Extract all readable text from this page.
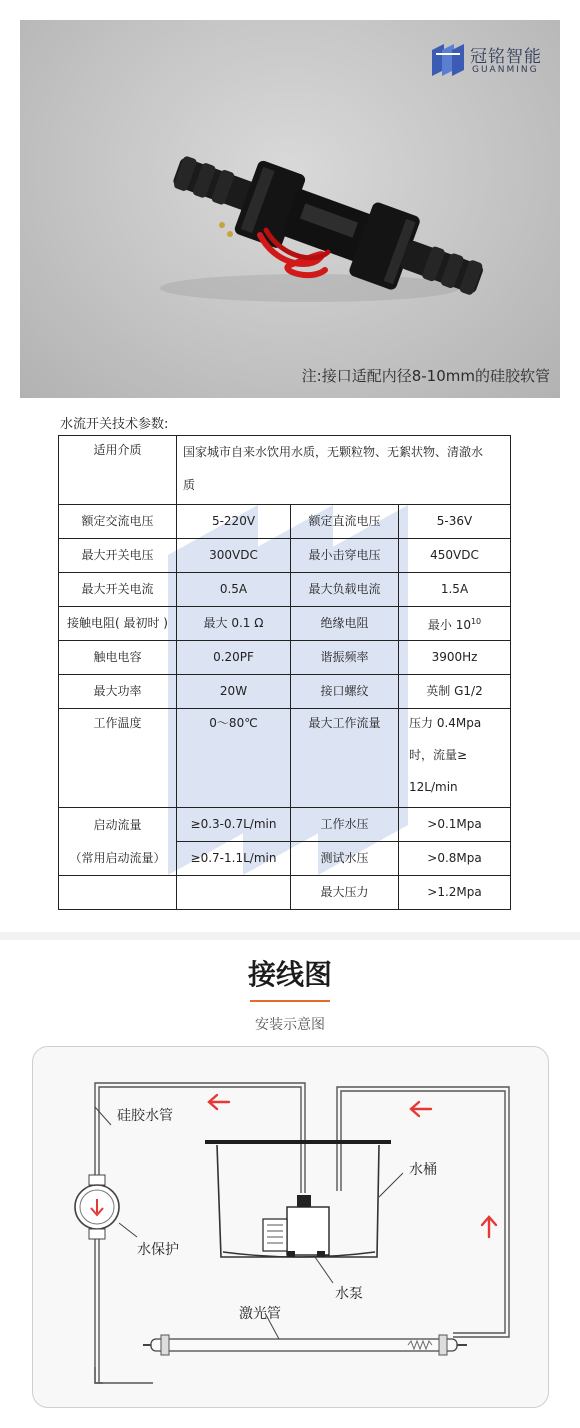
冠铭智能
GUANMING
注:接口适配内径8-10mm的硅胶软管
水流开关技术参数:
适用介质	国家城市自来水饮用水质，无颗粒物、无絮状物、清澈水
质		
额定交流电压	5-220V	额定直流电压	5-36V
最大开关电压	300VDC	最小击穿电压	450VDC
最大开关电流	0.5A	最大负载电流	1.5A
接触电阻( 最初时 )	最大 0.1 Ω	绝缘电阻	最小 $10^{10}$
触电电容	0.20PF	谐振频率	3900Hz
最大功率	20W	接口螺纹	英制 G1/2
工作温度	0～80℃	最大工作流量	压力 0.4Mpa

时，流量≥

12L/min

启动流量
（常用启动流量）	≥0.3-0.7L/min	工作水压	>0.1Mpa
	≥0.7-1.1L/min	测试水压	>0.8Mpa
		最大压力	>1.2Mpa
接线图
安装示意图
硅胶水管
水保护
水桶
水泵
激光管
